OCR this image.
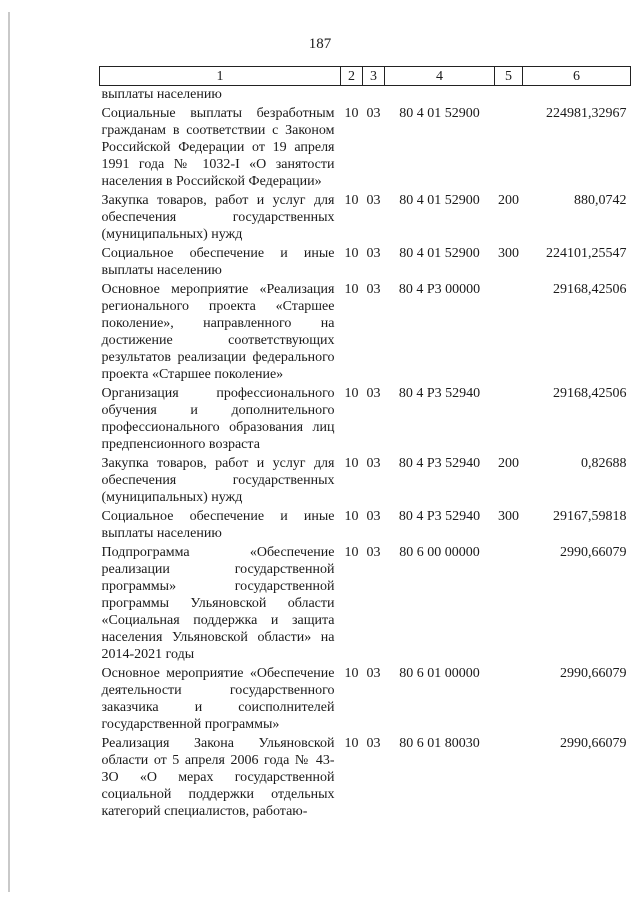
187
1	2	3	4	5	6
выплаты населению					
Социальные выплаты безработным гражданам в соответствии с Законом Российской Федерации от 19 апреля 1991 года № 1032-I «О занятости населения в Российской Федерации»	10	03	80 4 01 52900		224981,32967
Закупка товаров, работ и услуг для обеспечения государственных (муниципальных) нужд	10	03	80 4 01 52900	200	880,0742
Социальное обеспечение и иные выплаты населению	10	03	80 4 01 52900	300	224101,25547
Основное мероприятие «Реализация регионального проекта «Старшее поколение», направленного на достижение соответствующих результатов реализации федерального проекта «Старшее поколение»	10	03	80 4 P3 00000		29168,42506
Организация профессионального обучения и дополнительного профессионального образования лиц предпенсионного возраста	10	03	80 4 P3 52940		29168,42506
Закупка товаров, работ и услуг для обеспечения государственных (муниципальных) нужд	10	03	80 4 P3 52940	200	0,82688
Социальное обеспечение и иные выплаты населению	10	03	80 4 P3 52940	300	29167,59818
Подпрограмма «Обеспечение реализации государственной программы» государственной программы Ульяновской области «Социальная поддержка и защита населения Ульяновской области» на 2014-2021 годы	10	03	80 6 00 00000		2990,66079
Основное мероприятие «Обеспечение деятельности государственного заказчика и соисполнителей государственной программы»	10	03	80 6 01 00000		2990,66079
Реализация Закона Ульяновской области от 5 апреля 2006 года № 43-ЗО «О мерах государственной социальной поддержки отдельных категорий специалистов, работаю-	10	03	80 6 01 80030		2990,66079
